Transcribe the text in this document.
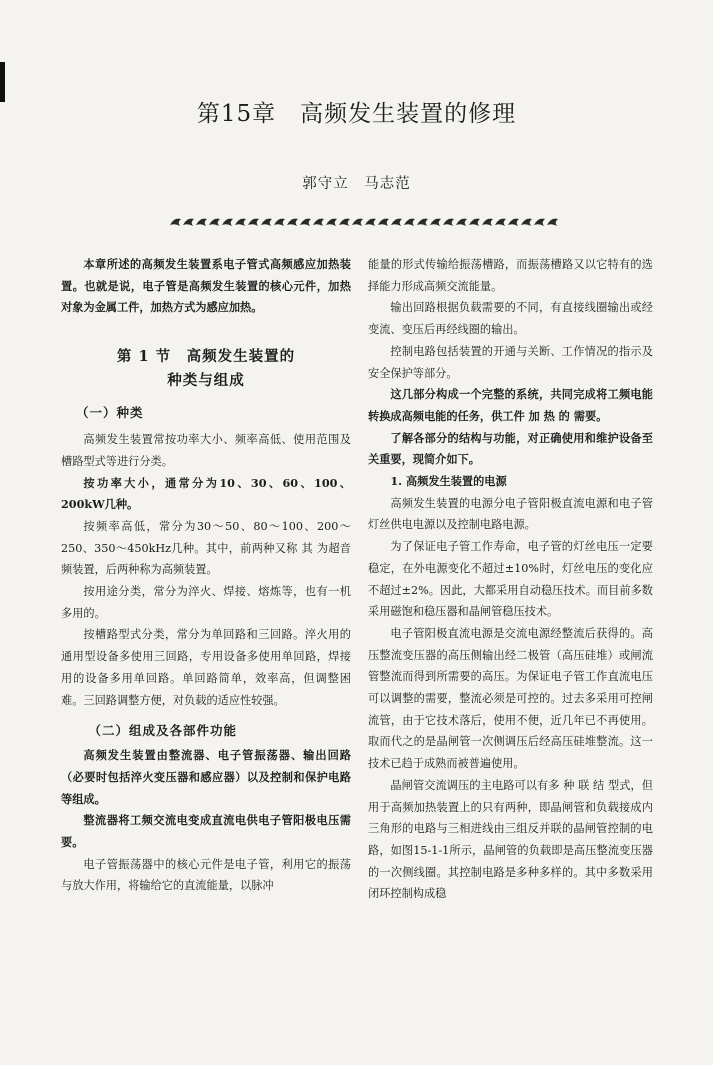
第15章　高频发生装置的修理
郭守立　马志范

本章所述的高频发生装置系电子管式高频感应加热装置。也就是说，电子管是高频发生装置的核心元件，加热对象为金属工件，加热方式为感应加热。

第 1 节　高频发生装置的
种类与组成
（一）种类

高频发生装置常按功率大小、频率高低、使用范围及槽路型式等进行分类。

按功率大小，通常分为10、30、60、100、200kW几种。

按频率高低，常分为30～50、80～100、200～250、350～450kHz几种。其中，前两种又称 其 为超音频装置，后两种称为高频装置。

按用途分类，常分为淬火、焊接、熔炼等，也有一机多用的。

按槽路型式分类，常分为单回路和三回路。淬火用的通用型设备多使用三回路，专用设备多使用单回路，焊接用的设备多用单回路。单回路简单，效率高，但调整困难。三回路调整方便，对负载的适应性较强。

（二）组成及各部件功能

高频发生装置由整流器、电子管振荡器、输出回路（必要时包括淬火变压器和感应器）以及控制和保护电路等组成。

整流器将工频交流电变成直流电供电子管阳极电压需要。

电子管振荡器中的核心元件是电子管，利用它的振荡与放大作用，将输给它的直流能量，以脉冲

能量的形式传输给振荡槽路，而振荡槽路又以它特有的选择能力形成高频交流能量。

输出回路根据负载需要的不同，有直接线圈输出或经变流、变压后再经线圈的输出。

控制电路包括装置的开通与关断、工作情况的指示及安全保护等部分。

这几部分构成一个完整的系统，共同完成将工频电能转换成高频电能的任务，供工件 加 热 的 需要。

了解各部分的结构与功能，对正确使用和维护设备至关重要，现简介如下。

1. 高频发生装置的电源

高频发生装置的电源分电子管阳极直流电源和电子管灯丝供电电源以及控制电路电源。

为了保证电子管工作寿命，电子管的灯丝电压一定要稳定，在外电源变化不超过±10%时，灯丝电压的变化应不超过±2%。因此，大都采用自动稳压技术。而目前多数采用磁饱和稳压器和晶闸管稳压技术。

电子管阳极直流电源是交流电源经整流后获得的。高压整流变压器的高压侧输出经二极管（高压硅堆）或闸流管整流而得到所需要的高压。为保证电子管工作直流电压可以调整的需要，整流必须是可控的。过去多采用可控闸流管，由于它技术落后，使用不便，近几年已不再使用。取而代之的是晶闸管一次侧调压后经高压硅堆整流。这一技术已趋于成熟而被普遍使用。

晶闸管交流调压的主电路可以有多 种 联 结 型式，但用于高频加热装置上的只有两种，即晶闸管和负载接成内三角形的电路与三相进线由三组反并联的晶闸管控制的电路，如图15-1-1所示，晶闸管的负载即是高压整流变压器的一次侧线圈。其控制电路是多种多样的。其中多数采用闭环控制构成稳
